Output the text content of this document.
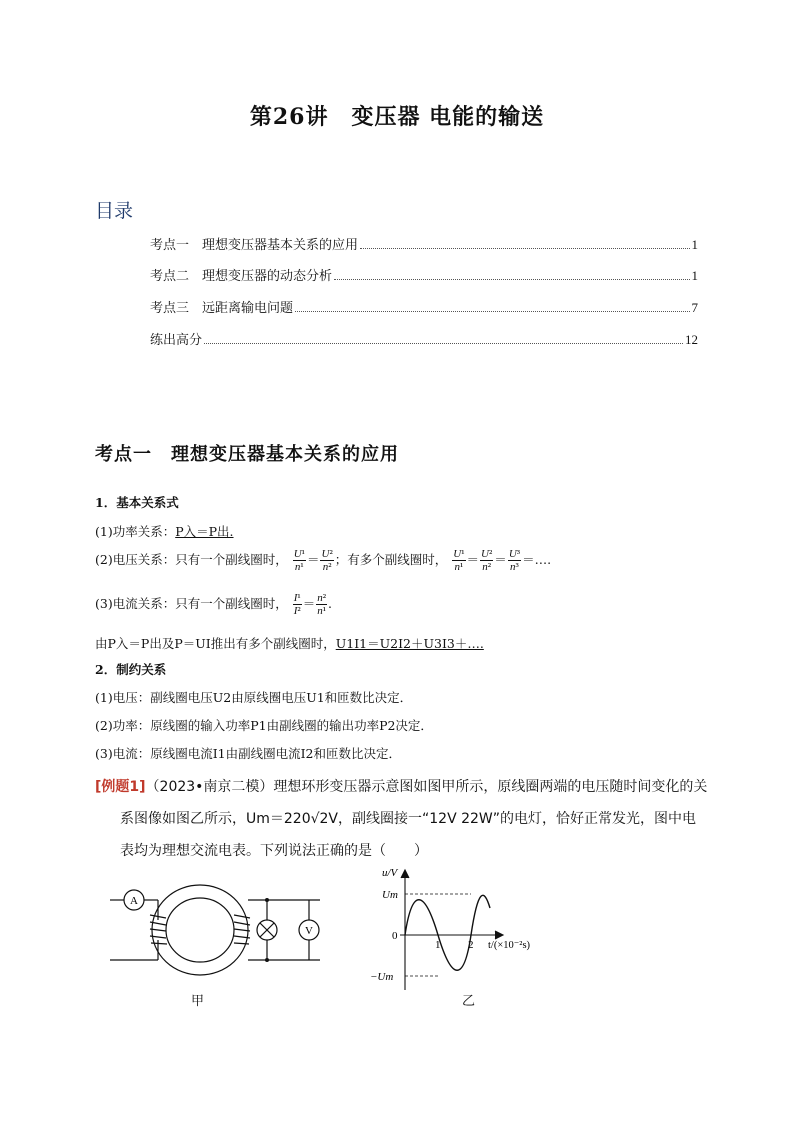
第26讲　变压器 电能的输送
目录
考点一　理想变压器基本关系的应用	1
考点二　理想变压器的动态分析	1
考点三　远距离输电问题	7
练出高分	12
考点一　理想变压器基本关系的应用
1．基本关系式
(1)功率关系：P入＝P出.
(2)电压关系：只有一个副线圈时， $\frac{\text{U¹}}{\text{n¹}} = \frac{\text{U²}}{\text{n²}}$ ；有多个副线圈时， $\frac{\text{U¹}}{\text{n¹}} = \frac{\text{U²}}{\text{n²}} = \frac{\text{U³}}{\text{n³}}$ ＝….
(3)电流关系：只有一个副线圈时， $\frac{\text{I¹}}{\text{I²}} = \frac{\text{n²}}{\text{n¹}}$ .
由P入＝P出及P＝UI推出有多个副线圈时，U1I1＝U2I2＋U3I3＋….
2．制约关系
(1)电压：副线圈电压U2由原线圈电压U1和匝数比决定．
(2)功率：原线圈的输入功率P1由副线圈的输出功率P2决定．
(3)电流：原线圈电流I1由副线圈电流I2和匝数比决定．
[例题1]（2023•南京二模）理想环形变压器示意图如图甲所示，原线圈两端的电压随时间变化的关
系图像如图乙所示，Um＝220√2V，副线圈接一“12V 22W”的电灯，恰好正常发光，图中电
表均为理想交流电表。下列说法正确的是（　　）
A
V
甲
u/V
Um
0
−Um
1	2 t/(×10⁻²s)
乙
